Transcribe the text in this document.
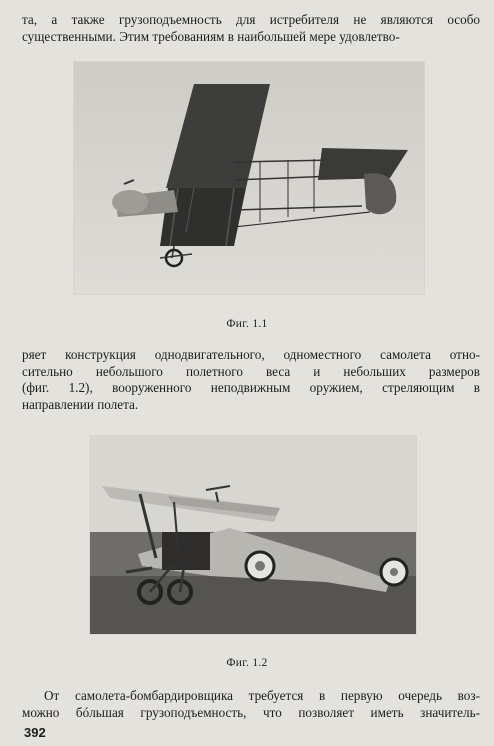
та, а также грузоподъемность для истребителя не являются особо
существенными. Этим требованиям в наибольшей мере удовлетво-

Фиг. 1.1

ряет конструкция однодвигательного, одноместного самолета отно-
сительно небольшого полетного веса и небольших размеров
(фиг. 1.2), вооруженного неподвижным оружием, стреляющим в
направлении полета.

Фиг. 1.2

От самолета-бомбардировщика требуется в первую очередь воз-
можно бóльшая грузоподъемность, что позволяет иметь значитель-

392
